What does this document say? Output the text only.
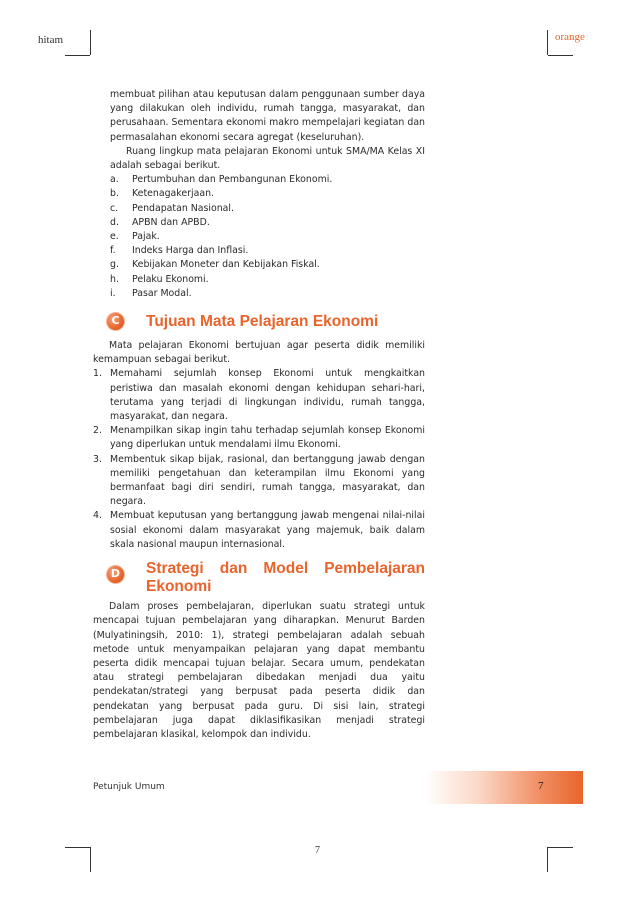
hitam	orange

membuat pilihan atau keputusan dalam penggunaan sumber daya yang dilakukan oleh individu, rumah tangga, masyarakat, dan perusahaan. Sementara ekonomi makro mempelajari kegiatan dan permasalahan ekonomi secara agregat (keseluruhan).

Ruang lingkup mata pelajaran Ekonomi untuk SMA/MA Kelas XI adalah sebagai berikut.

a.	Pertumbuhan dan Pembangunan Ekonomi.
b.	Ketenagakerjaan.
c.	Pendapatan Nasional.
d.	APBN dan APBD.
e.	Pajak.
f.	Indeks Harga dan Inflasi.
g.	Kebijakan Moneter dan Kebijakan Fiskal.
h.	Pelaku Ekonomi.
i.	Pasar Modal.
C Tujuan Mata Pelajaran Ekonomi

Mata pelajaran Ekonomi bertujuan agar peserta didik memiliki kemampuan sebagai berikut.

1. Memahami sejumlah konsep Ekonomi untuk mengkaitkan peristiwa dan masalah ekonomi dengan kehidupan sehari-hari, terutama yang terjadi di lingkungan individu, rumah tangga, masyarakat, dan negara.
2. Menampilkan sikap ingin tahu terhadap sejumlah konsep Ekonomi yang diperlukan untuk mendalami ilmu Ekonomi.
3. Membentuk sikap bijak, rasional, dan bertanggung jawab dengan memiliki pengetahuan dan keterampilan ilmu Ekonomi yang bermanfaat bagi diri sendiri, rumah tangga, masyarakat, dan negara.
4. Membuat keputusan yang bertanggung jawab mengenai nilai-nilai sosial ekonomi dalam masyarakat yang majemuk, baik dalam skala nasional maupun internasional.
D Strategi dan Model Pembelajaran Ekonomi

Dalam proses pembelajaran, diperlukan suatu strategi untuk mencapai tujuan pembelajaran yang diharapkan. Menurut Barden (Mulyatiningsih, 2010: 1), strategi pembelajaran adalah sebuah metode untuk menyampaikan pelajaran yang dapat membantu peserta didik mencapai tujuan belajar. Secara umum, pendekatan atau strategi pembelajaran dibedakan menjadi dua yaitu pendekatan/strategi yang berpusat pada peserta didik dan pendekatan yang berpusat pada guru. Di sisi lain, strategi pembelajaran juga dapat diklasifikasikan menjadi strategi pembelajaran klasikal, kelompok dan individu.

Petunjuk Umum	7
7
